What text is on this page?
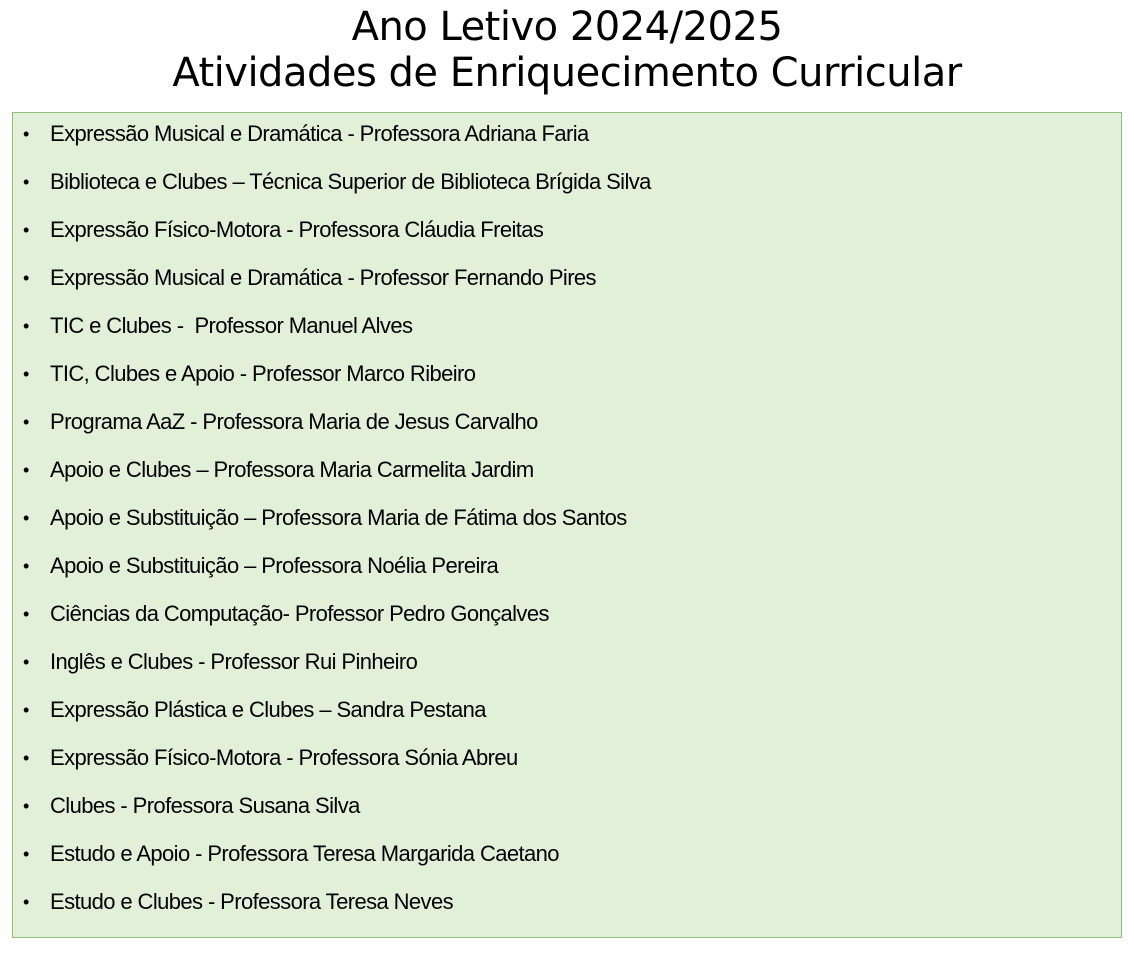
Ano Letivo 2024/2025
Atividades de Enriquecimento Curricular
• Expressão Musical e Dramática - Professora Adriana Faria
• Biblioteca e Clubes – Técnica Superior de Biblioteca Brígida Silva
• Expressão Físico-Motora - Professora Cláudia Freitas
• Expressão Musical e Dramática - Professor Fernando Pires
• TIC e Clubes -  Professor Manuel Alves
• TIC, Clubes e Apoio - Professor Marco Ribeiro
• Programa AaZ - Professora Maria de Jesus Carvalho
• Apoio e Clubes – Professora Maria Carmelita Jardim
• Apoio e Substituição – Professora Maria de Fátima dos Santos
• Apoio e Substituição – Professora Noélia Pereira
• Ciências da Computação- Professor Pedro Gonçalves
• Inglês e Clubes - Professor Rui Pinheiro
• Expressão Plástica e Clubes – Sandra Pestana
• Expressão Físico-Motora - Professora Sónia Abreu
• Clubes - Professora Susana Silva
• Estudo e Apoio - Professora Teresa Margarida Caetano
• Estudo e Clubes - Professora Teresa Neves
